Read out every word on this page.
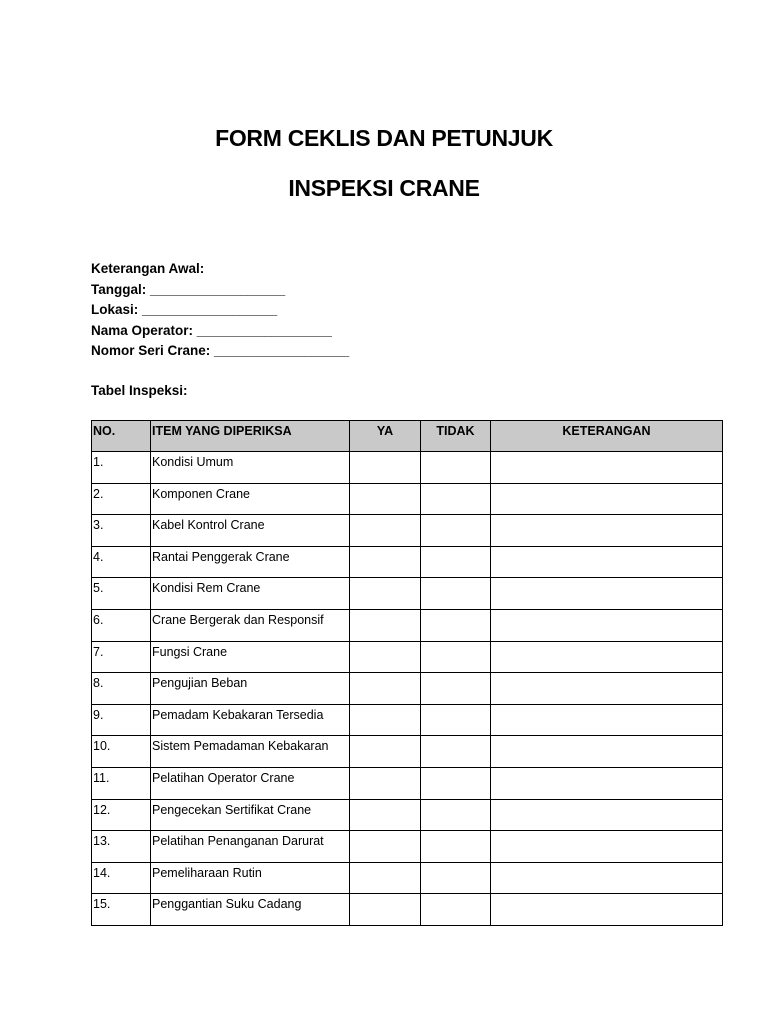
FORM CEKLIS DAN PETUNJUK
INSPEKSI CRANE
Keterangan Awal:
Tanggal: __________________
Lokasi: __________________
Nama Operator: __________________
Nomor Seri Crane: __________________
Tabel Inspeksi:
NO.	ITEM YANG DIPERIKSA	YA	TIDAK	KETERANGAN
1.	Kondisi Umum			
2.	Komponen Crane			
3.	Kabel Kontrol Crane			
4.	Rantai Penggerak Crane			
5.	Kondisi Rem Crane			
6.	Crane Bergerak dan Responsif			
7.	Fungsi Crane			
8.	Pengujian Beban			
9.	Pemadam Kebakaran Tersedia			
10.	Sistem Pemadaman Kebakaran			
11.	Pelatihan Operator Crane			
12.	Pengecekan Sertifikat Crane			
13.	Pelatihan Penanganan Darurat			
14.	Pemeliharaan Rutin			
15.	Penggantian Suku Cadang			
